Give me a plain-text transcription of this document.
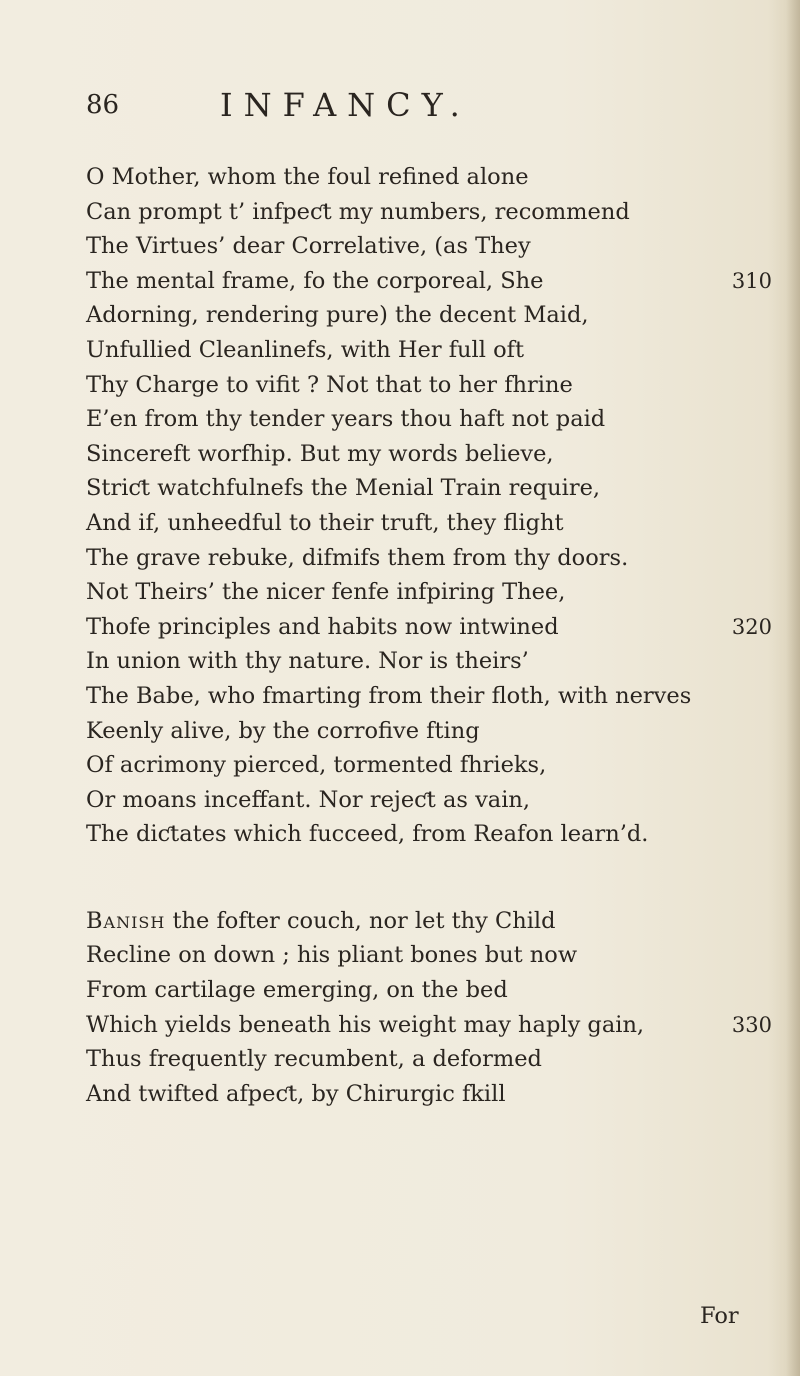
86	INFANCY.
O Mother, whom the foul refined alone
Can prompt t’ infpeƈt my numbers, recommend
The Virtues’ dear Correlative, (as They
The mental frame, fo the corporeal, She	310
Adorning, rendering pure) the decent Maid,
Unfullied Cleanlinefs, with Her full oft
Thy Charge to vifit ? Not that to her fhrine
E’en from thy tender years thou haft not paid
Sincereft worfhip. But my words believe,
Striƈt watchfulnefs the Menial Train require,
And if, unheedful to their truft, they flight
The grave rebuke, difmifs them from thy doors.
Not Theirs’ the nicer fenfe infpiring Thee,
Thofe principles and habits now intwined	320
In union with thy nature. Nor is theirs’
The Babe, who fmarting from their floth, with nerves
Keenly alive, by the corrofive fting
Of acrimony pierced, tormented fhrieks,
Or moans inceffant. Nor rejeƈt as vain,
The diƈtates which fucceed, from Reafon learn’d.
Banish the fofter couch, nor let thy Child
Recline on down ; his pliant bones but now
From cartilage emerging, on the bed
Which yields beneath his weight may haply gain,	330
Thus frequently recumbent, a deformed
And twifted afpeƈt, by Chirurgic fkill
For
